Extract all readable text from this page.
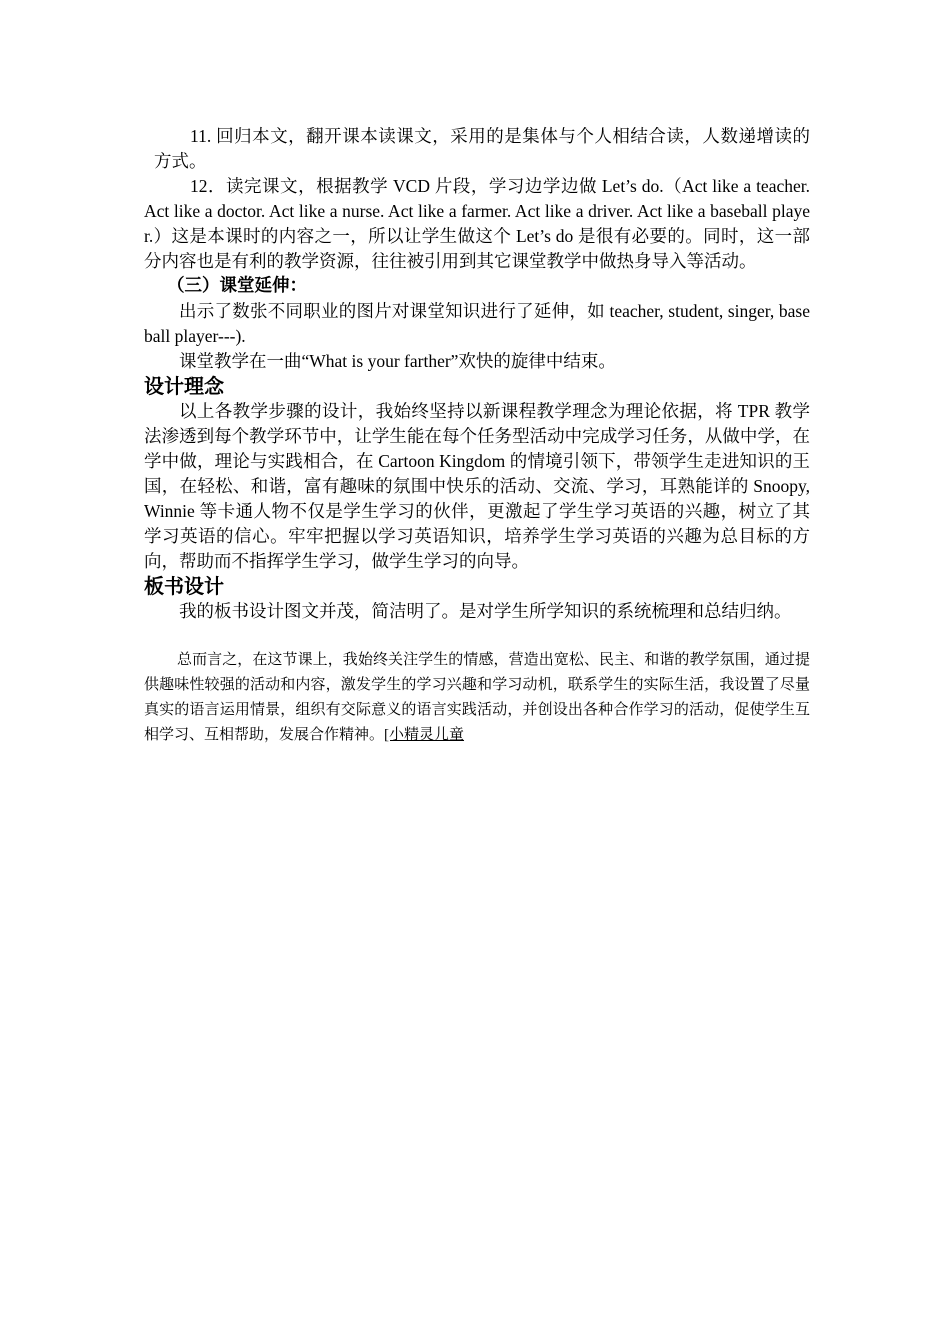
11. 回归本文，翻开课本读课文，采用的是集体与个人相结合读，人数递增读的方式。

12．读完课文，根据教学 VCD 片段，学习边学边做 Let’s do.（Act like a teacher. Act like a doctor. Act like a nurse. Act like a farmer. Act like a driver. Act like a baseball player.）这是本课时的内容之一，所以让学生做这个 Let’s do 是很有必要的。同时，这一部分内容也是有利的教学资源，往往被引用到其它课堂教学中做热身导入等活动。

（三）课堂延伸：

出示了数张不同职业的图片对课堂知识进行了延伸，如 teacher, student, singer, baseball player---).

课堂教学在一曲“What is your farther”欢快的旋律中结束。

设计理念

以上各教学步骤的设计，我始终坚持以新课程教学理念为理论依据，将 TPR 教学法渗透到每个教学环节中，让学生能在每个任务型活动中完成学习任务，从做中学，在学中做，理论与实践相合，在 Cartoon Kingdom 的情境引领下，带领学生走进知识的王国，在轻松、和谐，富有趣味的氛围中快乐的活动、交流、学习，耳熟能详的 Snoopy, Winnie 等卡通人物不仅是学生学习的伙伴，更激起了学生学习英语的兴趣，树立了其学习英语的信心。牢牢把握以学习英语知识，培养学生学习英语的兴趣为总目标的方向，帮助而不指挥学生学习，做学生学习的向导。

板书设计

我的板书设计图文并茂，简洁明了。是对学生所学知识的系统梳理和总结归纳。

总而言之，在这节课上，我始终关注学生的情感，营造出宽松、民主、和谐的教学氛围，通过提供趣味性较强的活动和内容，激发学生的学习兴趣和学习动机，联系学生的实际生活，我设置了尽量真实的语言运用情景，组织有交际意义的语言实践活动，并创设出各种合作学习的活动，促使学生互相学习、互相帮助，发展合作精神。[小精灵儿童
